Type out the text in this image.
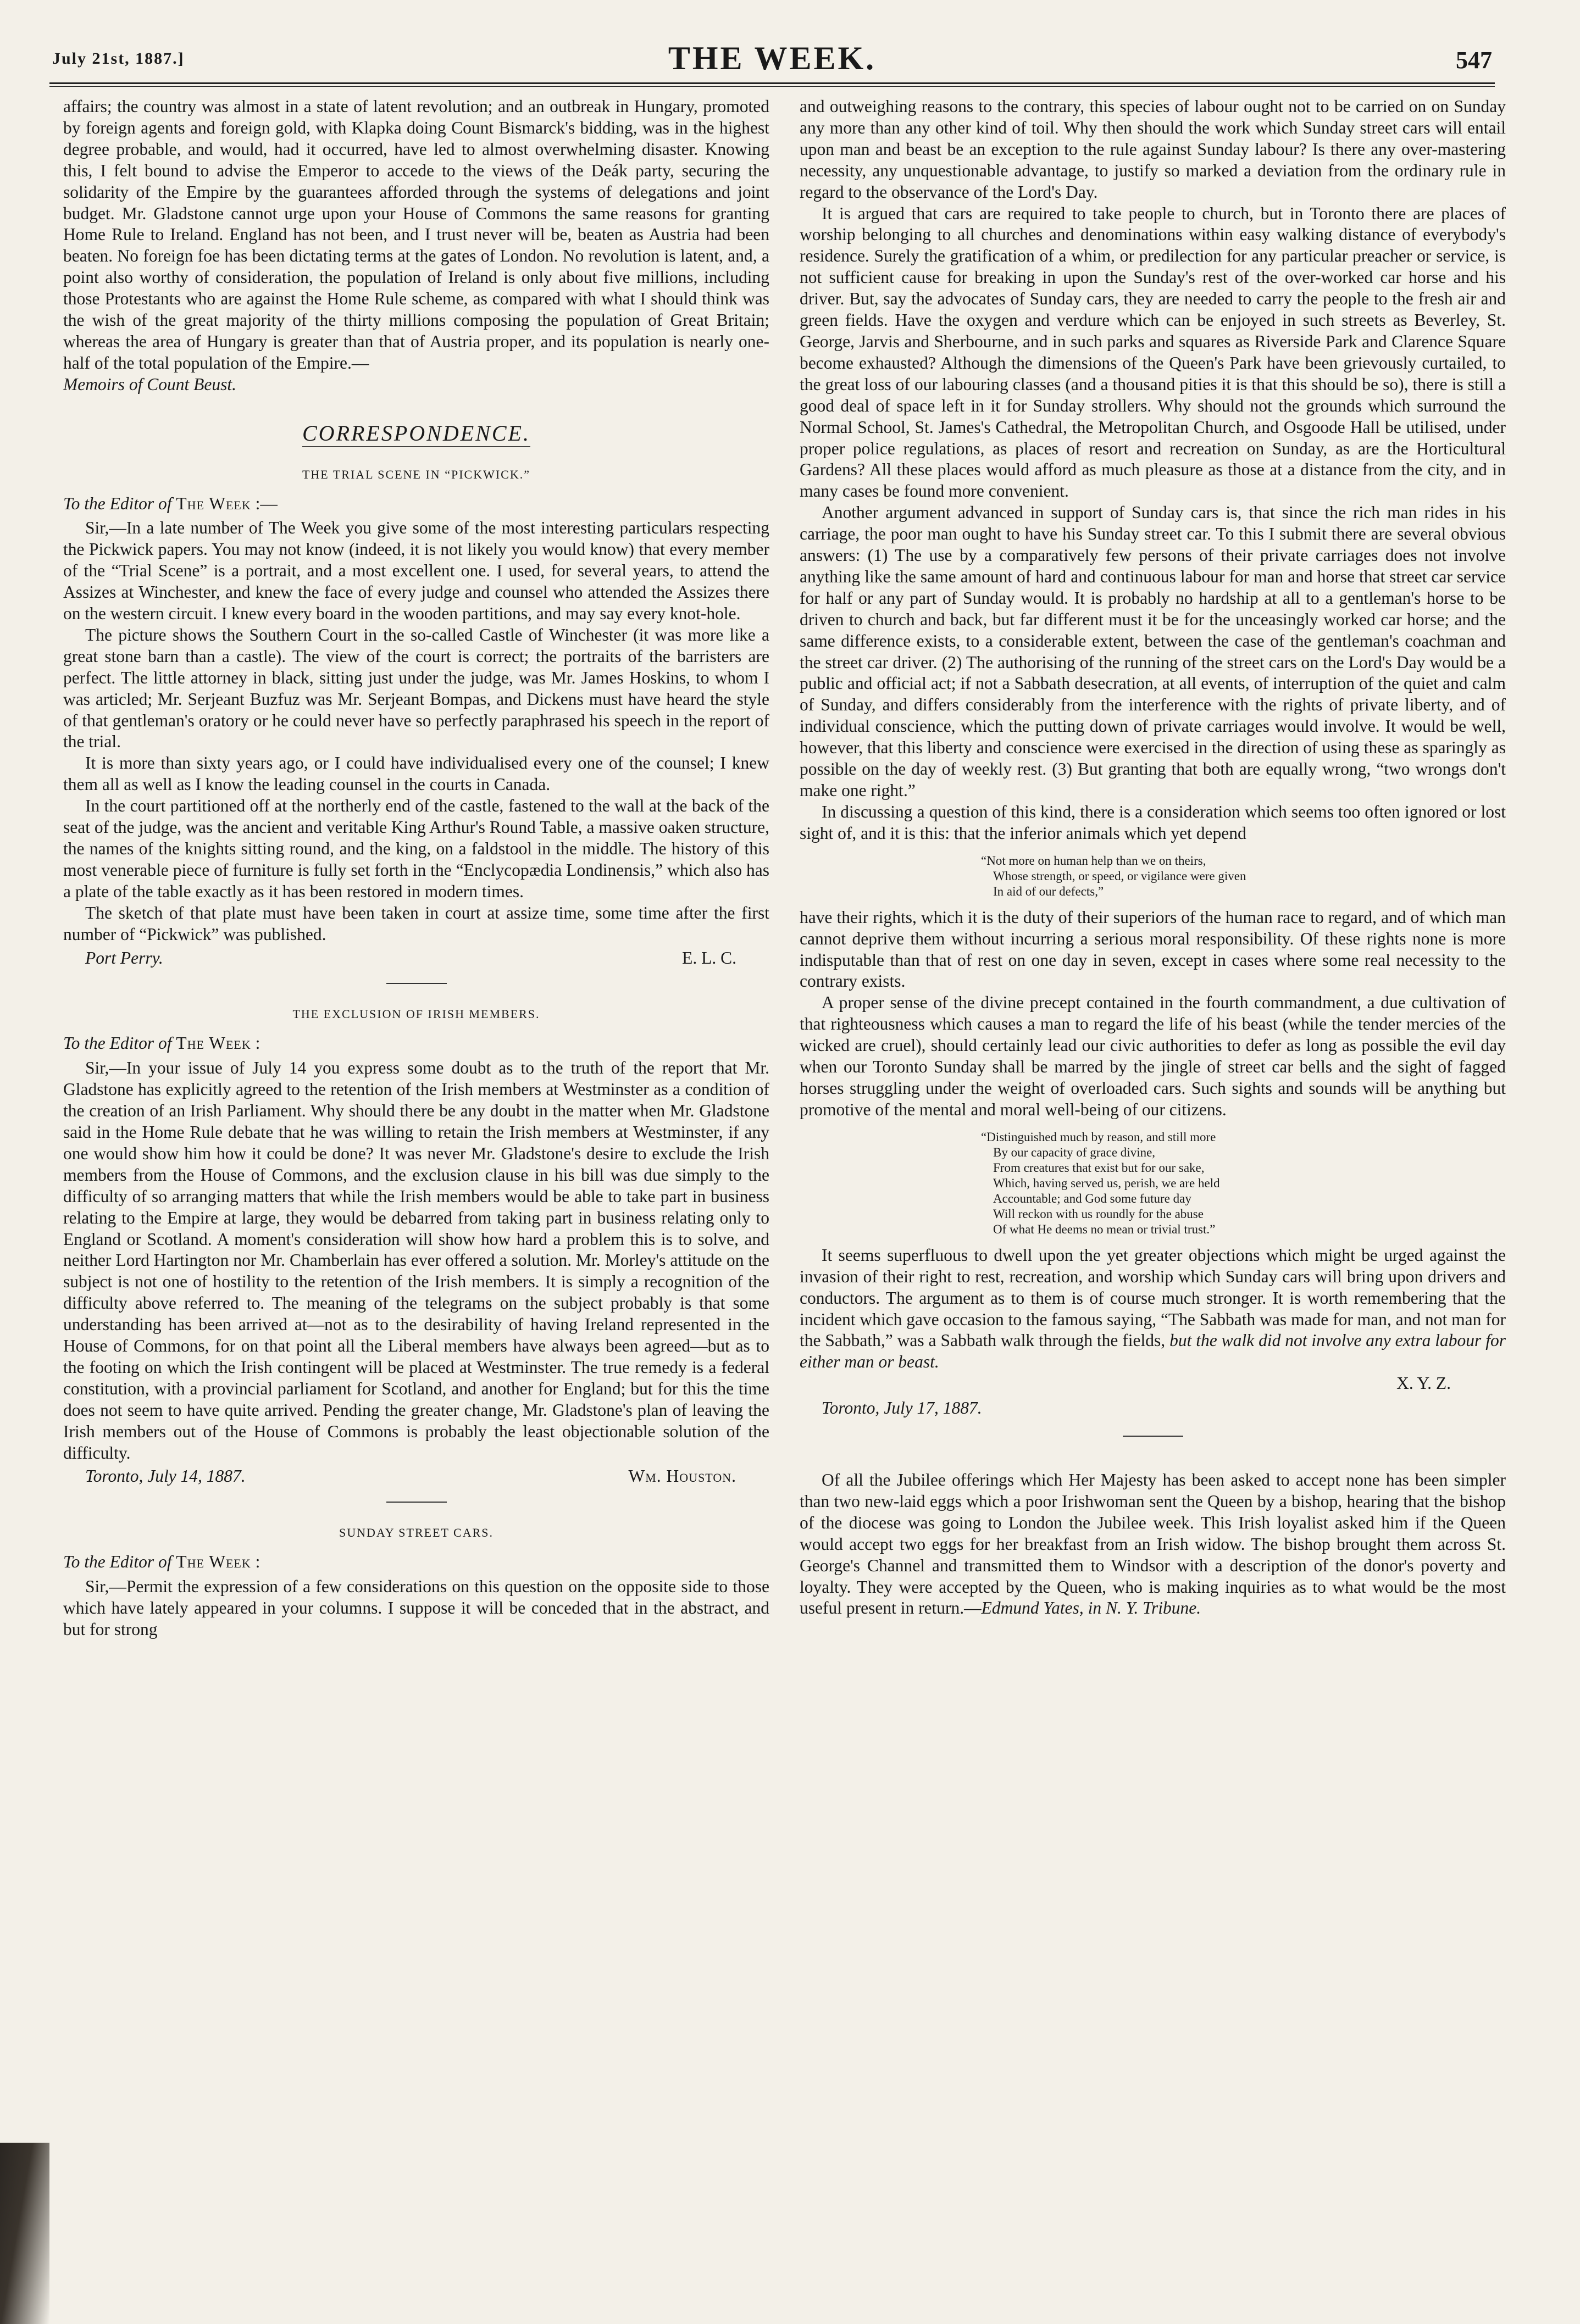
July 21st, 1887.]	THE WEEK.	547

affairs; the country was almost in a state of latent revolution; and an outbreak in Hungary, promoted by foreign agents and foreign gold, with Klapka doing Count Bismarck's bidding, was in the highest degree probable, and would, had it occurred, have led to almost overwhelming disaster. Knowing this, I felt bound to advise the Emperor to accede to the views of the Deák party, securing the solidarity of the Empire by the guarantees afforded through the systems of delegations and joint budget. Mr. Gladstone cannot urge upon your House of Commons the same reasons for granting Home Rule to Ireland. England has not been, and I trust never will be, beaten as Austria had been beaten. No foreign foe has been dictating terms at the gates of London. No revolution is latent, and, a point also worthy of consideration, the population of Ireland is only about five millions, including those Protestants who are against the Home Rule scheme, as compared with what I should think was the wish of the great majority of the thirty millions composing the population of Great Britain; whereas the area of Hungary is greater than that of Austria proper, and its population is nearly one-half of the total population of the Empire.—
Memoirs of Count Beust.

CORRESPONDENCE.
THE TRIAL SCENE IN “PICKWICK.”
To the Editor of The Week :—

Sir,—In a late number of The Week you give some of the most interesting particulars respecting the Pickwick papers. You may not know (indeed, it is not likely you would know) that every member of the “Trial Scene” is a portrait, and a most excellent one. I used, for several years, to attend the Assizes at Winchester, and knew the face of every judge and counsel who attended the Assizes there on the western circuit. I knew every board in the wooden partitions, and may say every knot-hole.

The picture shows the Southern Court in the so-called Castle of Winchester (it was more like a great stone barn than a castle). The view of the court is correct; the portraits of the barristers are perfect. The little attorney in black, sitting just under the judge, was Mr. James Hoskins, to whom I was articled; Mr. Serjeant Buzfuz was Mr. Serjeant Bompas, and Dickens must have heard the style of that gentleman's oratory or he could never have so perfectly paraphrased his speech in the report of the trial.

It is more than sixty years ago, or I could have individualised every one of the counsel; I knew them all as well as I know the leading counsel in the courts in Canada.

In the court partitioned off at the northerly end of the castle, fastened to the wall at the back of the seat of the judge, was the ancient and veritable King Arthur's Round Table, a massive oaken structure, the names of the knights sitting round, and the king, on a faldstool in the middle. The history of this most venerable piece of furniture is fully set forth in the “Enclycopædia Londinensis,” which also has a plate of the table exactly as it has been restored in modern times.

The sketch of that plate must have been taken in court at assize time, some time after the first number of “Pickwick” was published.

Port Perry.	E. L. C.
THE EXCLUSION OF IRISH MEMBERS.
To the Editor of The Week :

Sir,—In your issue of July 14 you express some doubt as to the truth of the report that Mr. Gladstone has explicitly agreed to the retention of the Irish members at Westminster as a condition of the creation of an Irish Parliament. Why should there be any doubt in the matter when Mr. Gladstone said in the Home Rule debate that he was willing to retain the Irish members at Westminster, if any one would show him how it could be done? It was never Mr. Gladstone's desire to exclude the Irish members from the House of Commons, and the exclusion clause in his bill was due simply to the difficulty of so arranging matters that while the Irish members would be able to take part in business relating to the Empire at large, they would be debarred from taking part in business relating only to England or Scotland. A moment's consideration will show how hard a problem this is to solve, and neither Lord Hartington nor Mr. Chamberlain has ever offered a solution. Mr. Morley's attitude on the subject is not one of hostility to the retention of the Irish members. It is simply a recognition of the difficulty above referred to. The meaning of the telegrams on the subject probably is that some understanding has been arrived at—not as to the desirability of having Ireland represented in the House of Commons, for on that point all the Liberal members have always been agreed—but as to the footing on which the Irish contingent will be placed at Westminster. The true remedy is a federal constitution, with a provincial parliament for Scotland, and another for England; but for this the time does not seem to have quite arrived. Pending the greater change, Mr. Gladstone's plan of leaving the Irish members out of the House of Commons is probably the least objectionable solution of the difficulty.

Toronto, July 14, 1887.	Wm. Houston.
SUNDAY STREET CARS.
To the Editor of The Week :

Sir,—Permit the expression of a few considerations on this question on the opposite side to those which have lately appeared in your columns. I suppose it will be conceded that in the abstract, and but for strong

and outweighing reasons to the contrary, this species of labour ought not to be carried on on Sunday any more than any other kind of toil. Why then should the work which Sunday street cars will entail upon man and beast be an exception to the rule against Sunday labour? Is there any over-mastering necessity, any unquestionable advantage, to justify so marked a deviation from the ordinary rule in regard to the observance of the Lord's Day.

It is argued that cars are required to take people to church, but in Toronto there are places of worship belonging to all churches and denominations within easy walking distance of everybody's residence. Surely the gratification of a whim, or predilection for any particular preacher or service, is not sufficient cause for breaking in upon the Sunday's rest of the over-worked car horse and his driver. But, say the advocates of Sunday cars, they are needed to carry the people to the fresh air and green fields. Have the oxygen and verdure which can be enjoyed in such streets as Beverley, St. George, Jarvis and Sherbourne, and in such parks and squares as Riverside Park and Clarence Square become exhausted? Although the dimensions of the Queen's Park have been grievously curtailed, to the great loss of our labouring classes (and a thousand pities it is that this should be so), there is still a good deal of space left in it for Sunday strollers. Why should not the grounds which surround the Normal School, St. James's Cathedral, the Metropolitan Church, and Osgoode Hall be utilised, under proper police regulations, as places of resort and recreation on Sunday, as are the Horticultural Gardens? All these places would afford as much pleasure as those at a distance from the city, and in many cases be found more convenient.

Another argument advanced in support of Sunday cars is, that since the rich man rides in his carriage, the poor man ought to have his Sunday street car. To this I submit there are several obvious answers: (1) The use by a comparatively few persons of their private carriages does not involve anything like the same amount of hard and continuous labour for man and horse that street car service for half or any part of Sunday would. It is probably no hardship at all to a gentleman's horse to be driven to church and back, but far different must it be for the unceasingly worked car horse; and the same difference exists, to a considerable extent, between the case of the gentleman's coachman and the street car driver. (2) The authorising of the running of the street cars on the Lord's Day would be a public and official act; if not a Sabbath desecration, at all events, of interruption of the quiet and calm of Sunday, and differs considerably from the interference with the rights of private liberty, and of individual conscience, which the putting down of private carriages would involve. It would be well, however, that this liberty and conscience were exercised in the direction of using these as sparingly as possible on the day of weekly rest. (3) But granting that both are equally wrong, “two wrongs don't make one right.”

In discussing a question of this kind, there is a consideration which seems too often ignored or lost sight of, and it is this: that the inferior animals which yet depend

“Not more on human help than we on theirs,
Whose strength, or speed, or vigilance were given
In aid of our defects,”

have their rights, which it is the duty of their superiors of the human race to regard, and of which man cannot deprive them without incurring a serious moral responsibility. Of these rights none is more indisputable than that of rest on one day in seven, except in cases where some real necessity to the contrary exists.

A proper sense of the divine precept contained in the fourth commandment, a due cultivation of that righteousness which causes a man to regard the life of his beast (while the tender mercies of the wicked are cruel), should certainly lead our civic authorities to defer as long as possible the evil day when our Toronto Sunday shall be marred by the jingle of street car bells and the sight of fagged horses struggling under the weight of overloaded cars. Such sights and sounds will be anything but promotive of the mental and moral well-being of our citizens.

“Distinguished much by reason, and still more
By our capacity of grace divine,
From creatures that exist but for our sake,
Which, having served us, perish, we are held
Accountable; and God some future day
Will reckon with us roundly for the abuse
Of what He deems no mean or trivial trust.”

It seems superfluous to dwell upon the yet greater objections which might be urged against the invasion of their right to rest, recreation, and worship which Sunday cars will bring upon drivers and conductors. The argument as to them is of course much stronger. It is worth remembering that the incident which gave occasion to the famous saying, “The Sabbath was made for man, and not man for the Sabbath,” was a Sabbath walk through the fields, but the walk did not involve any extra labour for either man or beast.

X. Y. Z.
Toronto, July 17, 1887.

Of all the Jubilee offerings which Her Majesty has been asked to accept none has been simpler than two new-laid eggs which a poor Irishwoman sent the Queen by a bishop, hearing that the bishop of the diocese was going to London the Jubilee week. This Irish loyalist asked him if the Queen would accept two eggs for her breakfast from an Irish widow. The bishop brought them across St. George's Channel and transmitted them to Windsor with a description of the donor's poverty and loyalty. They were accepted by the Queen, who is making inquiries as to what would be the most useful present in return.—Edmund Yates, in N. Y. Tribune.
